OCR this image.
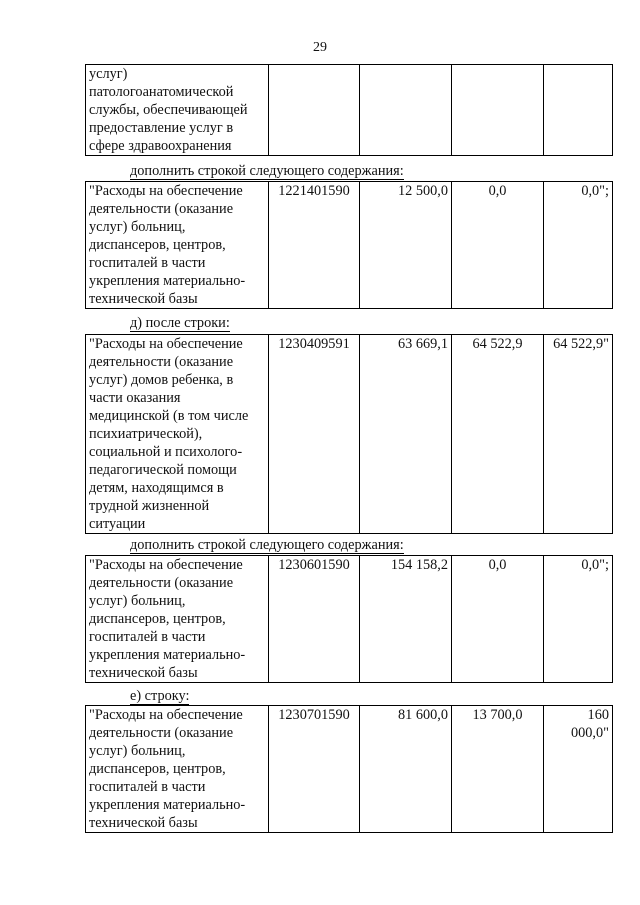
29
услуг)
патологоанатомической
службы, обеспечивающей
предоставление услуг в
сфере здравоохранения

дополнить строкой следующего содержания:
"Расходы на обеспечение
деятельности (оказание
услуг) больниц,
диспансеров, центров,
госпиталей в части
укрепления материально-
технической базы
	1221401590	12 500,0	0,0	0,0";
д) после строки:
"Расходы на обеспечение
деятельности (оказание
услуг) домов ребенка, в
части оказания
медицинской (в том числе
психиатрической),
социальной и психолого-
педагогической помощи
детям, находящимся в
трудной жизненной
ситуации
	1230409591	63 669,1	64 522,9	64 522,9"
дополнить строкой следующего содержания:
"Расходы на обеспечение
деятельности (оказание
услуг) больниц,
диспансеров, центров,
госпиталей в части
укрепления материально-
технической базы
	1230601590	154 158,2	0,0	0,0";
е) строку:
"Расходы на обеспечение
деятельности (оказание
услуг) больниц,
диспансеров, центров,
госпиталей в части
укрепления материально-
технической базы
	1230701590	81 600,0	13 700,0	160 000,0"
